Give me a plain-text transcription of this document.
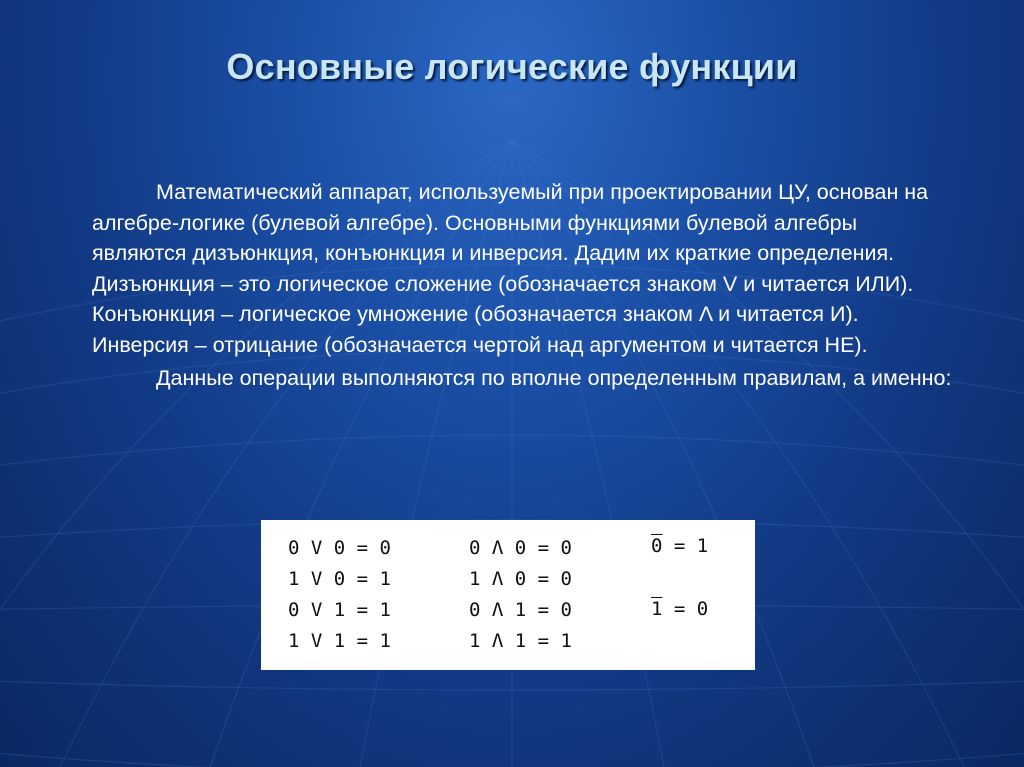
Основные логические функции

Математический аппарат, используемый при проектировании ЦУ, основан на алгебре-логике (булевой алгебре). Основными функциями булевой алгебры являются дизъюнкция, конъюнкция и инверсия. Дадим их краткие определения. Дизъюнкция – это логическое сложение (обозначается знаком V и читается ИЛИ). Конъюнкция – логическое умножение (обозначается знаком Λ и читается И). Инверсия – отрицание (обозначается чертой над аргументом и читается НЕ).

Данные операции выполняются по вполне определенным правилам, а именно:

0 V 0 = 0
1 V 0 = 1
0 V 1 = 1
1 V 1 = 1
0 Λ 0 = 0
1 Λ 0 = 0
0 Λ 1 = 0
1 Λ 1 = 1
0 = 1
1 = 0
